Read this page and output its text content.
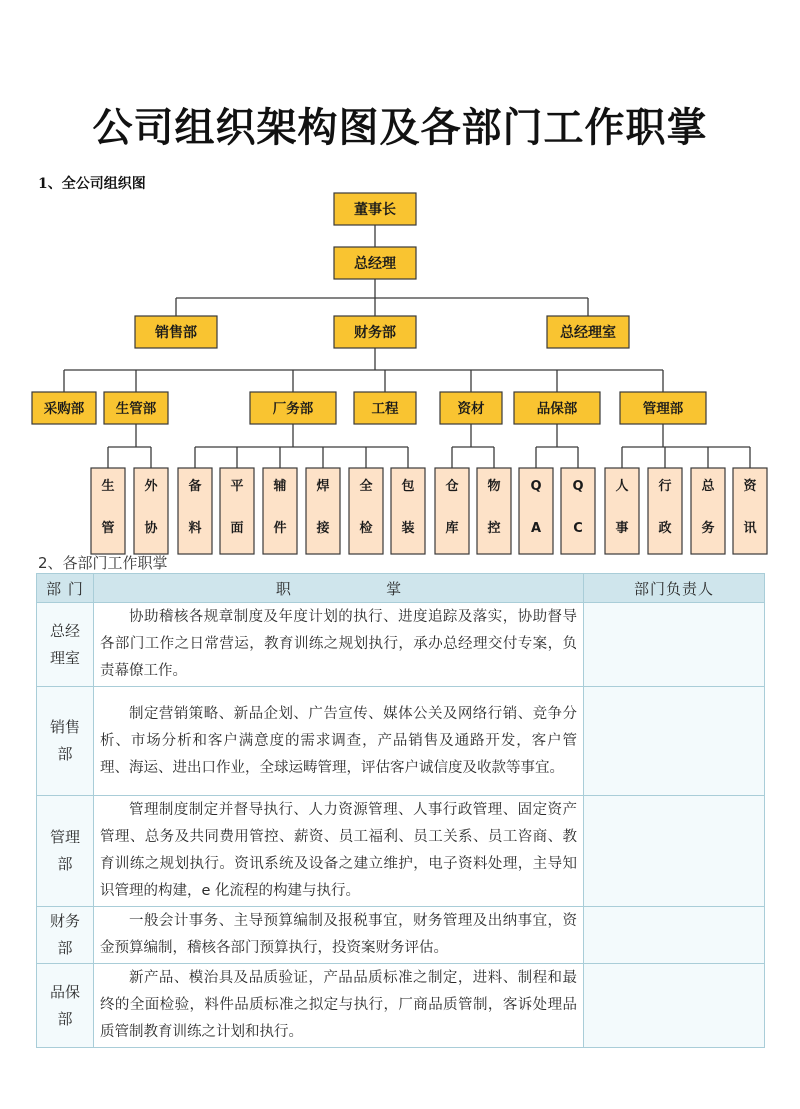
公司组织架构图及各部门工作职掌
1、全公司组织图
董事长
总经理
销售部	财务部	总经理室
采购部 生管部	厂务部	工程	资材	品保部	管理部
生
管
外
协
备
料
平
面
辅
件
焊
接
全
检
包
装
仓
库
物
控
Q
A
Q
C
人
事
行
政
总
务
资
讯
2、各部门工作职掌
部 门	职                    掌	部门负责人
总经
理室	协助稽核各规章制度及年度计划的执行、进度追踪及落实，协助督导各部门工作之日常营运，教育训练之规划执行，承办总经理交付专案，负责幕僚工作。	
销售
部	制定营销策略、新品企划、广告宣传、媒体公关及网络行销、竞争分析、市场分析和客户满意度的需求调查，产品销售及通路开发，客户管理、海运、进出口作业，全球运畴管理，评估客户诚信度及收款等事宜。	
管理
部	管理制度制定并督导执行、人力资源管理、人事行政管理、固定资产管理、总务及共同费用管控、薪资、员工福利、员工关系、员工咨商、教育训练之规划执行。资讯系统及设备之建立维护，电子资料处理，主导知识管理的构建，e 化流程的构建与执行。	
财务
部	一般会计事务、主导预算编制及报税事宜，财务管理及出纳事宜，资金预算编制，稽核各部门预算执行，投资案财务评估。	
品保
部	新产品、模治具及品质验证，产品品质标准之制定，进料、制程和最终的全面检验，料件品质标准之拟定与执行，厂商品质管制，客诉处理品质管制教育训练之计划和执行。	
